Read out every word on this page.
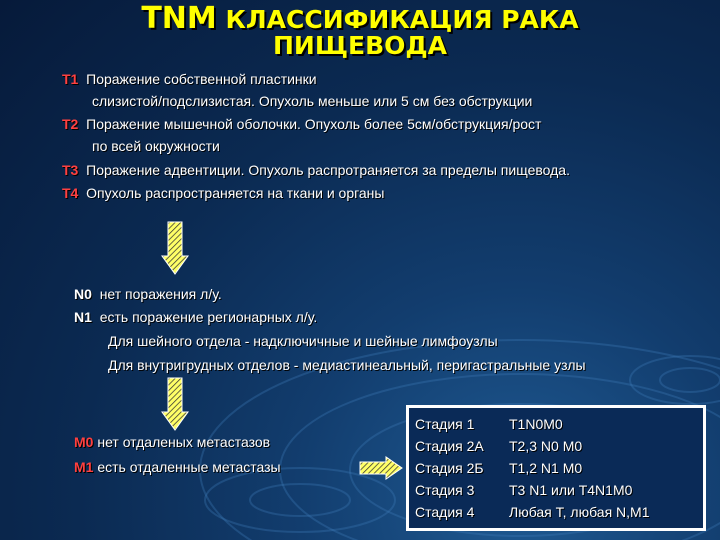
TNM КЛАССИФИКАЦИЯ РАКА
ПИЩЕВОДА
Т1 Поражение собственной пластинки
слизистой/подслизистая. Опухоль меньше или 5 см без обструкции
Т2 Поражение мышечной оболочки. Опухоль более 5см/обструкция/рост
по всей окружности
Т3 Поражение адвентиции. Опухоль распротраняется за пределы пищевода.
Т4 Опухоль распространяется на ткани и органы
N0 нет поражения л/у.
N1 есть поражение регионарных л/у.
Для шейного отдела - надключичные и шейные лимфоузлы
Для внутригрудных отделов - медиастинеальный, перигастральные узлы
М0 нет отдаленых метастазов
М1 есть отдаленные метастазы
Стадия 1 T1N0M0
Стадия 2А T2,3 N0 M0
Стадия 2Б T1,2 N1 M0
Стадия 3 T3 N1 или T4N1M0
Стадия 4 Любая Т, любая N,M1
